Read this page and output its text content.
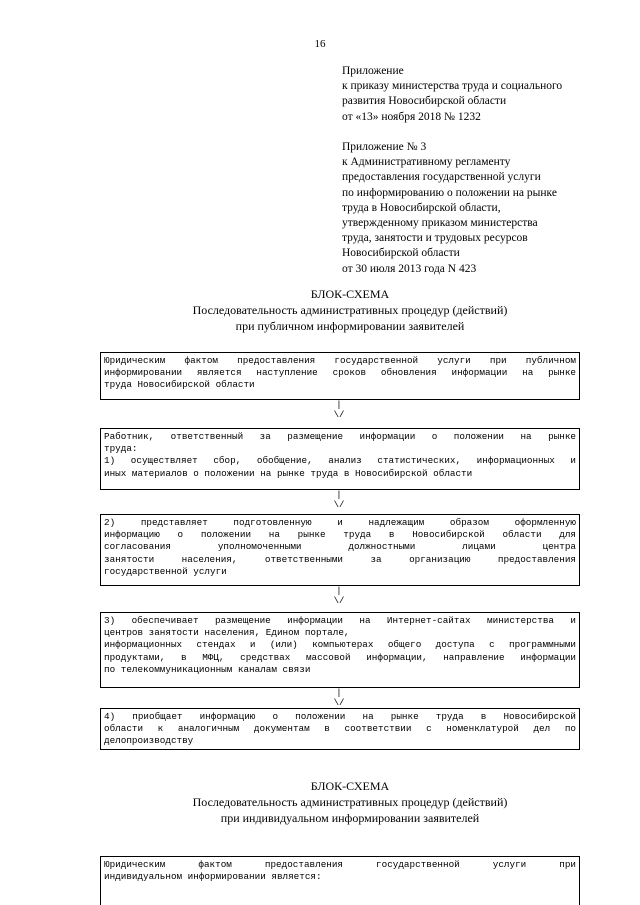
16
Приложение
к приказу министерства труда и социального
развития Новосибирской области
от «13» ноября 2018 № 1232
Приложение № 3
к Административному регламенту
предоставления государственной услуги
по информированию о положении на рынке
труда в Новосибирской области,
утвержденному приказом министерства
труда, занятости и трудовых ресурсов
Новосибирской области
от 30 июля 2013 года N 423
БЛОК-СХЕМА
Последовательность административных процедур (действий)
при публичном информировании заявителей
Юридическим фактом предоставления государственной услуги при публичном
информировании является наступление сроков обновления информации на рынке
труда Новосибирской области
|
\/
Работник, ответственный за размещение информации о положении на рынке
труда:
1) осуществляет сбор, обобщение, анализ статистических, информационных и
иных материалов о положении на рынке труда в Новосибирской области
|
\/
2) представляет подготовленную и надлежащим образом оформленную
информацию о положении на рынке труда в Новосибирской области для
согласования уполномоченными должностными лицами центра
занятости населения, ответственными за организацию предоставления
государственной услуги
|
\/
3) обеспечивает размещение информации на Интернет-сайтах министерства и
центров занятости населения, Едином портале,
информационных стендах и (или) компьютерах общего доступа с программными
продуктами, в МФЦ, средствах массовой информации, направление информации
по телекоммуникационным каналам связи
|
\/
4) приобщает информацию о положении на рынке труда в Новосибирской
области к аналогичным документам в соответствии с номенклатурой дел по
делопроизводству
БЛОК-СХЕМА
Последовательность административных процедур (действий)
при индивидуальном информировании заявителей
Юридическим фактом предоставления государственной услуги при
индивидуальном информировании является:
